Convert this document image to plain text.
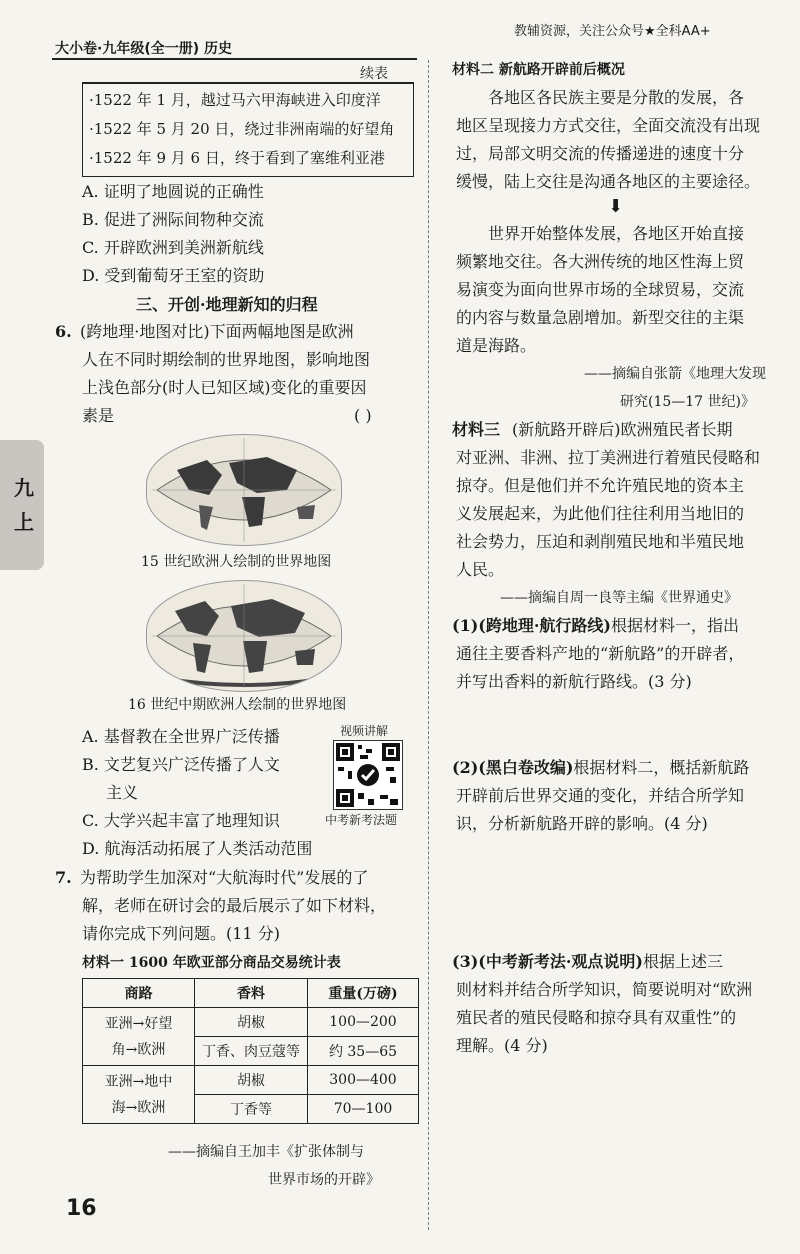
大小卷·九年级(全一册) 历史
教辅资源，关注公众号★全科AA+
九
上
续表
·1522 年 1 月，越过马六甲海峡进入印度洋
·1522 年 5 月 20 日，绕过非洲南端的好望角
·1522 年 9 月 6 日，终于看到了塞维利亚港
A. 证明了地圆说的正确性
B. 促进了洲际间物种交流
C. 开辟欧洲到美洲新航线
D. 受到葡萄牙王室的资助
三、开创·地理新知的归程
6. (跨地理·地图对比)下面两幅地图是欧洲
人在不同时期绘制的世界地图，影响地图
上浅色部分(时人已知区域)变化的重要因
素是	( )
15 世纪欧洲人绘制的世界地图
16 世纪中期欧洲人绘制的世界地图
A. 基督教在全世界广泛传播
B. 文艺复兴广泛传播了人文
主义
C. 大学兴起丰富了地理知识
D. 航海活动拓展了人类活动范围
视频讲解
中考新考法题
7. 为帮助学生加深对“大航海时代”发展的了
解，老师在研讨会的最后展示了如下材料，
请你完成下列问题。(11 分)
材料一 1600 年欧亚部分商品交易统计表
商路	香料	重量(万磅)
亚洲→好望
角→欧洲	胡椒	100—200
	丁香、肉豆蔻等	约 35—65
亚洲→地中
海→欧洲	胡椒	300—400
	丁香等	70—100
——摘编自王加丰《扩张体制与
世界市场的开辟》
16
材料二 新航路开辟前后概况
各地区各民族主要是分散的发展，各
地区呈现接力方式交往，全面交流没有出现
过，局部文明交流的传播递进的速度十分
缓慢，陆上交往是沟通各地区的主要途径。
⬇
世界开始整体发展，各地区开始直接
频繁地交往。各大洲传统的地区性海上贸
易演变为面向世界市场的全球贸易，交流
的内容与数量急剧增加。新型交往的主渠
道是海路。
——摘编自张箭《地理大发现
研究(15—17 世纪)》
材料三 (新航路开辟后)欧洲殖民者长期
对亚洲、非洲、拉丁美洲进行着殖民侵略和
掠夺。但是他们并不允许殖民地的资本主
义发展起来，为此他们往往利用当地旧的
社会势力，压迫和剥削殖民地和半殖民地
人民。
——摘编自周一良等主编《世界通史》
(1)(跨地理·航行路线)根据材料一，指出
通往主要香料产地的“新航路”的开辟者，
并写出香料的新航行路线。(3 分)
(2)(黑白卷改编)根据材料二，概括新航路
开辟前后世界交通的变化，并结合所学知
识，分析新航路开辟的影响。(4 分)
(3)(中考新考法·观点说明)根据上述三
则材料并结合所学知识，简要说明对“欧洲
殖民者的殖民侵略和掠夺具有双重性”的
理解。(4 分)
